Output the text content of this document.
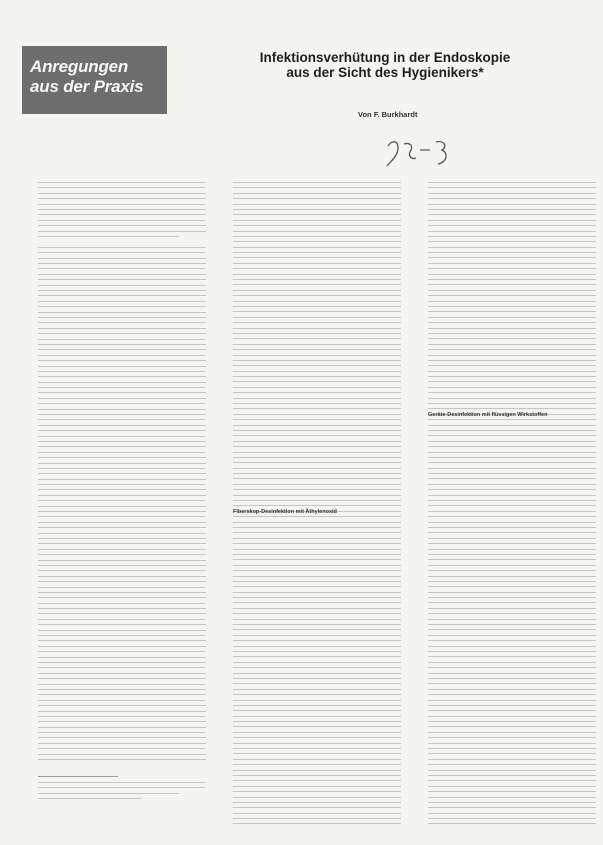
Anregungen
aus der Praxis
Infektionsverhütung in der Endoskopie
aus der Sicht des Hygienikers*
Von F. Burkhardt
Fiberskop-Desinfektion mit Äthylenoxid
Geräte-Desinfektion mit flüssigen Wirkstoffen
